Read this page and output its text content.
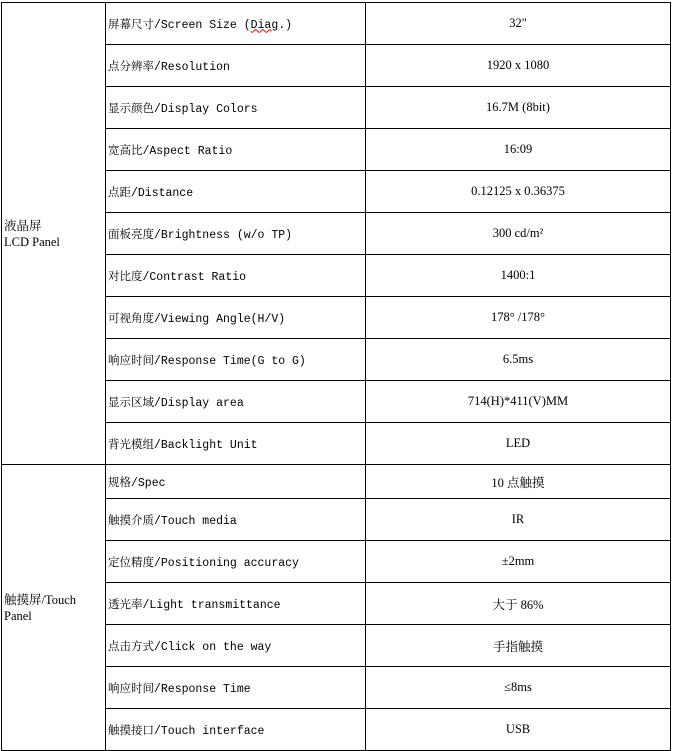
液晶屏
LCD Panel	屏幕尺寸/Screen Size (Diag.)	32"
	点分辨率/Resolution	1920 x 1080
	显示颜色/Display Colors	16.7M (8bit)
	宽高比/Aspect Ratio	16:09
	点距/Distance	0.12125 x 0.36375
	面板亮度/Brightness (w/o TP)	300 cd/m²
	对比度/Contrast Ratio	1400:1
	可视角度/Viewing Angle(H/V)	178° /178°
	响应时间/Response Time(G to G)	6.5ms
	显示区域/Display area	714(H)*411(V)MM
	背光模组/Backlight Unit	LED
触摸屏/Touch
Panel	规格/Spec	10 点触摸
	触摸介质/Touch media	IR
	定位精度/Positioning accuracy	±2mm
	透光率/Light transmittance	大于 86%
	点击方式/Click on the way	手指触摸
	响应时间/Response Time	≤8ms
	触摸接口/Touch interface	USB
